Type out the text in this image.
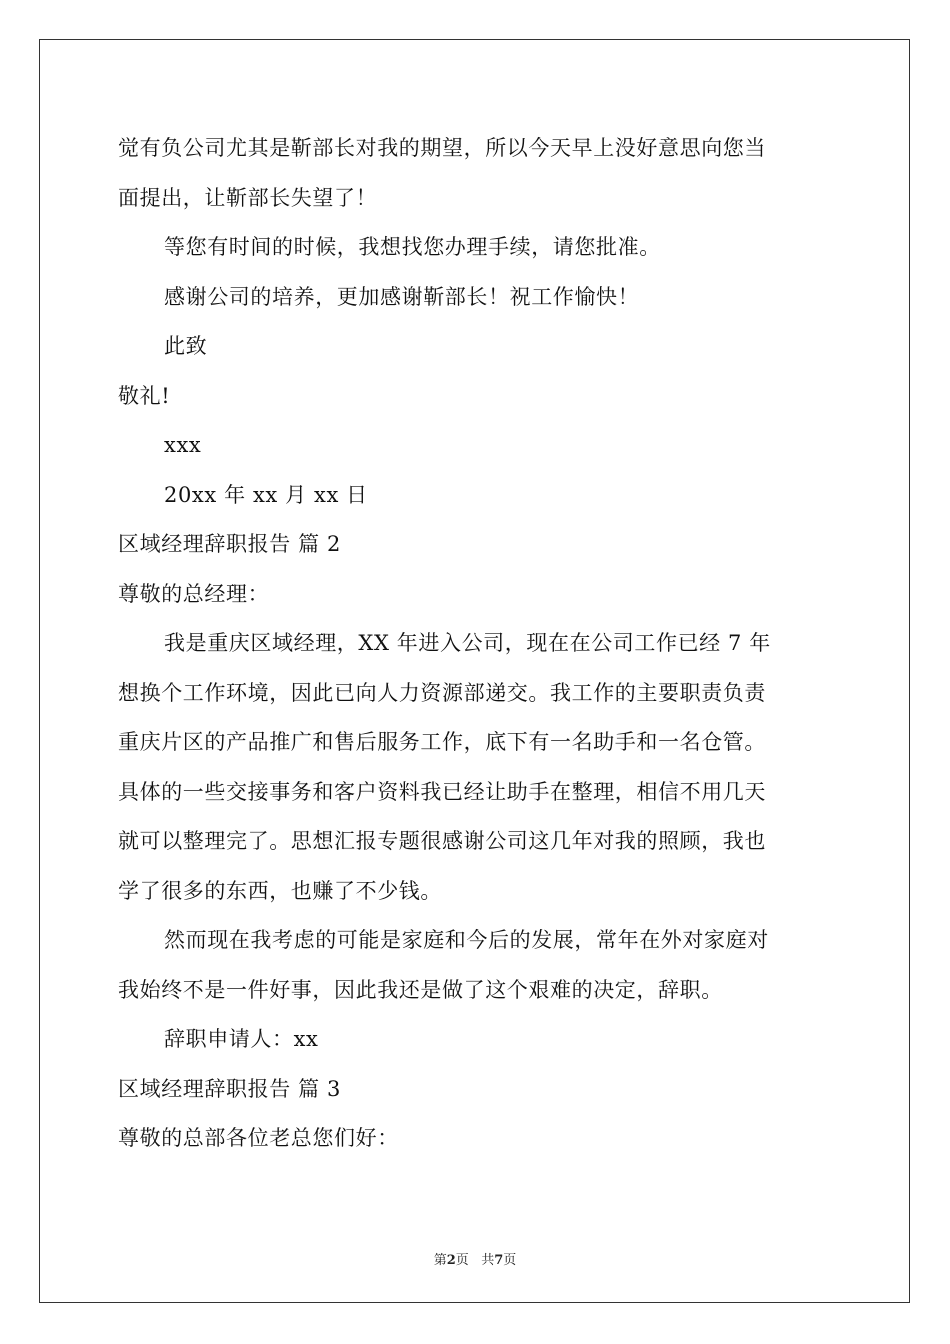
觉有负公司尤其是靳部长对我的期望，所以今天早上没好意思向您当
面提出，让靳部长失望了！
等您有时间的时候，我想找您办理手续，请您批准。
感谢公司的培养，更加感谢靳部长！祝工作愉快！
此致
敬礼!
xxx
20xx 年 xx 月 xx 日
区域经理辞职报告 篇 2
尊敬的总经理：
我是重庆区域经理，XX 年进入公司，现在在公司工作已经 7 年
想换个工作环境，因此已向人力资源部递交。我工作的主要职责负责
重庆片区的产品推广和售后服务工作，底下有一名助手和一名仓管。
具体的一些交接事务和客户资料我已经让助手在整理，相信不用几天
就可以整理完了。思想汇报专题很感谢公司这几年对我的照顾，我也
学了很多的东西，也赚了不少钱。
然而现在我考虑的可能是家庭和今后的发展，常年在外对家庭对
我始终不是一件好事，因此我还是做了这个艰难的决定，辞职。
辞职申请人：xx
区域经理辞职报告 篇 3
尊敬的总部各位老总您们好：
第2页 共7页
